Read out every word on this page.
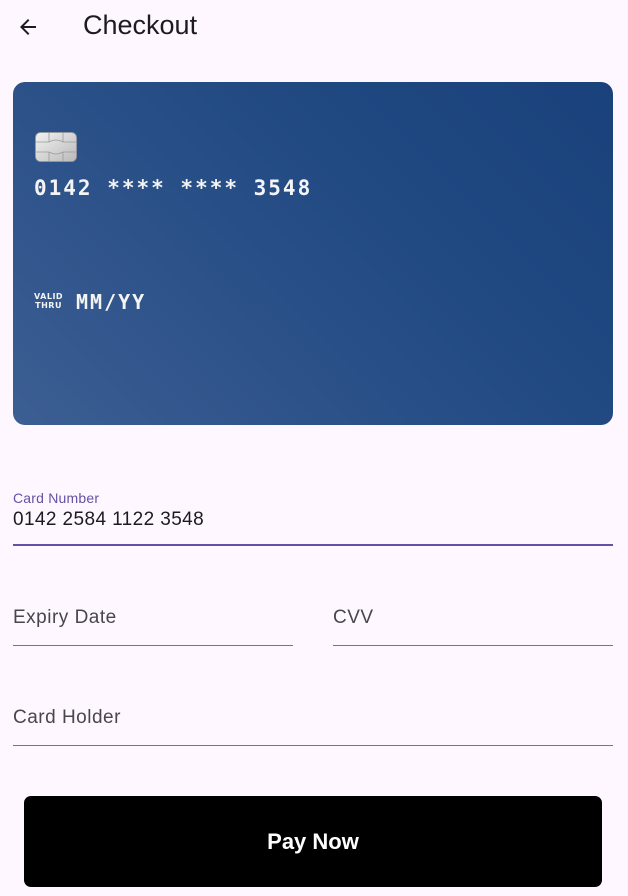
Checkout
0142 **** **** 3548
VALID
THRU MM/YY
Card Number
0142 2584 1122 3548
Expiry Date	CVV
Card Holder
Pay Now
